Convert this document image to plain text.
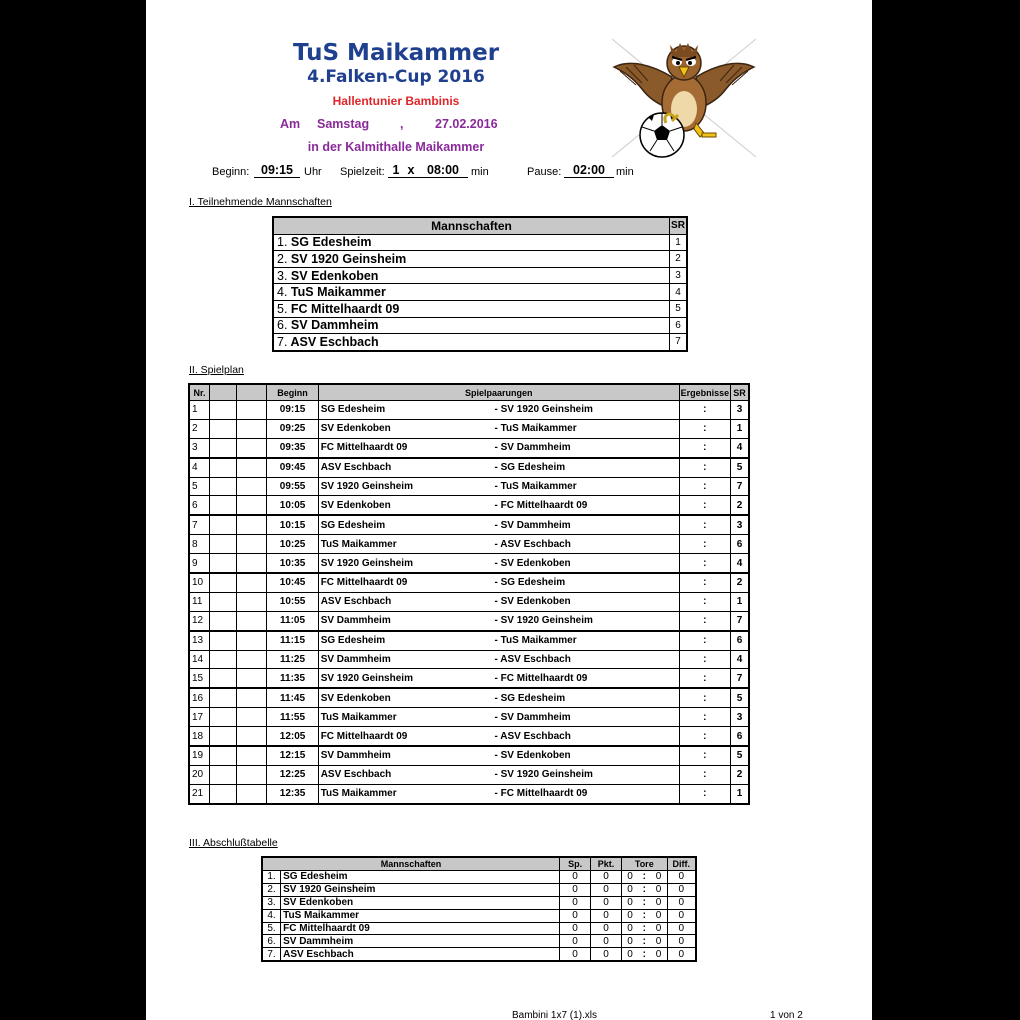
TuS Maikammer
4.Falken-Cup 2016
Hallentunier Bambinis
Am Samstag ,	27.02.2016
in der Kalmithalle Maikammer
Beginn: 09:15	Uhr Spielzeit: 1 x	08:00	min	Pause: 02:00	min
I. Teilnehmende Mannschaften
Mannschaften	SR
1. SG Edesheim	1
2. SV 1920 Geinsheim	2
3. SV Edenkoben	3
4. TuS Maikammer	4
5. FC Mittelhaardt 09	5
6. SV Dammheim	6
7. ASV Eschbach	7
II. Spielplan
Nr.			Beginn	Spielpaarungen		Ergebnisse	SR
1			09:15	SG Edesheim	- SV 1920 Geinsheim	:	3
2			09:25	SV Edenkoben	- TuS Maikammer	:	1
3			09:35	FC Mittelhaardt 09	- SV Dammheim	:	4
4			09:45	ASV Eschbach	- SG Edesheim	:	5
5			09:55	SV 1920 Geinsheim	- TuS Maikammer	:	7
6			10:05	SV Edenkoben	- FC Mittelhaardt 09	:	2
7			10:15	SG Edesheim	- SV Dammheim	:	3
8			10:25	TuS Maikammer	- ASV Eschbach	:	6
9			10:35	SV 1920 Geinsheim	- SV Edenkoben	:	4
10			10:45	FC Mittelhaardt 09	- SG Edesheim	:	2
11			10:55	ASV Eschbach	- SV Edenkoben	:	1
12			11:05	SV Dammheim	- SV 1920 Geinsheim	:	7
13			11:15	SG Edesheim	- TuS Maikammer	:	6
14			11:25	SV Dammheim	- ASV Eschbach	:	4
15			11:35	SV 1920 Geinsheim	- FC Mittelhaardt 09	:	7
16			11:45	SV Edenkoben	- SG Edesheim	:	5
17			11:55	TuS Maikammer	- SV Dammheim	:	3
18			12:05	FC Mittelhaardt 09	- ASV Eschbach	:	6
19			12:15	SV Dammheim	- SV Edenkoben	:	5
20			12:25	ASV Eschbach	- SV 1920 Geinsheim	:	2
21			12:35	TuS Maikammer	- FC Mittelhaardt 09	:	1
III. Abschlußtabelle
Mannschaften		Sp.	Pkt.	Tore			Diff.
1.	SG Edesheim	0	0	0	:	0	0
2.	SV 1920 Geinsheim	0	0	0	:	0	0
3.	SV Edenkoben	0	0	0	:	0	0
4.	TuS Maikammer	0	0	0	:	0	0
5.	FC Mittelhaardt 09	0	0	0	:	0	0
6.	SV Dammheim	0	0	0	:	0	0
7.	ASV Eschbach	0	0	0	:	0	0
Bambini 1x7 (1).xls	1 von 2
